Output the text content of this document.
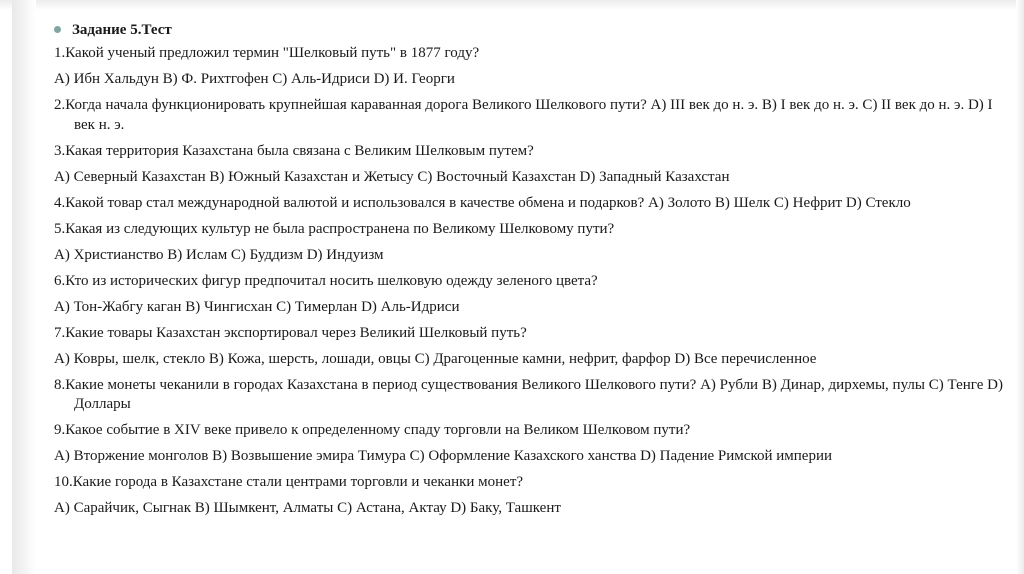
Задание 5.Тест
1.Какой ученый предложил термин "Шелковый путь" в 1877 году?
А) Ибн Хальдун В) Ф. Рихтгофен С) Аль-Идриси D) И. Георги
2.Когда начала функционировать крупнейшая караванная дорога Великого Шелкового пути? А) III век до н. э. В) I век до н. э. С) II век до н. э. D) I век н. э.
3.Какая территория Казахстана была связана с Великим Шелковым путем?
А) Северный Казахстан В) Южный Казахстан и Жетысу С) Восточный Казахстан D) Западный Казахстан
4.Какой товар стал международной валютой и использовался в качестве обмена и подарков? А) Золото В) Шелк С) Нефрит D) Стекло
5.Какая из следующих культур не была распространена по Великому Шелковому пути?
А) Христианство В) Ислам С) Буддизм D) Индуизм
6.Кто из исторических фигур предпочитал носить шелковую одежду зеленого цвета?
А) Тон-Жабгу каган В) Чингисхан С) Тимерлан D) Аль-Идриси
7.Какие товары Казахстан экспортировал через Великий Шелковый путь?
А) Ковры, шелк, стекло В) Кожа, шерсть, лошади, овцы С) Драгоценные камни, нефрит, фарфор D) Все перечисленное
8.Какие монеты чеканили в городах Казахстана в период существования Великого Шелкового пути? А) Рубли В) Динар, дирхемы, пулы С) Тенге D) Доллары
9.Какое событие в XIV веке привело к определенному спаду торговли на Великом Шелковом пути?
А) Вторжение монголов В) Возвышение эмира Тимура С) Оформление Казахского ханства D) Падение Римской империи
10.Какие города в Казахстане стали центрами торговли и чеканки монет?
А) Сарайчик, Сыгнак В) Шымкент, Алматы С) Астана, Актау D) Баку, Ташкент
